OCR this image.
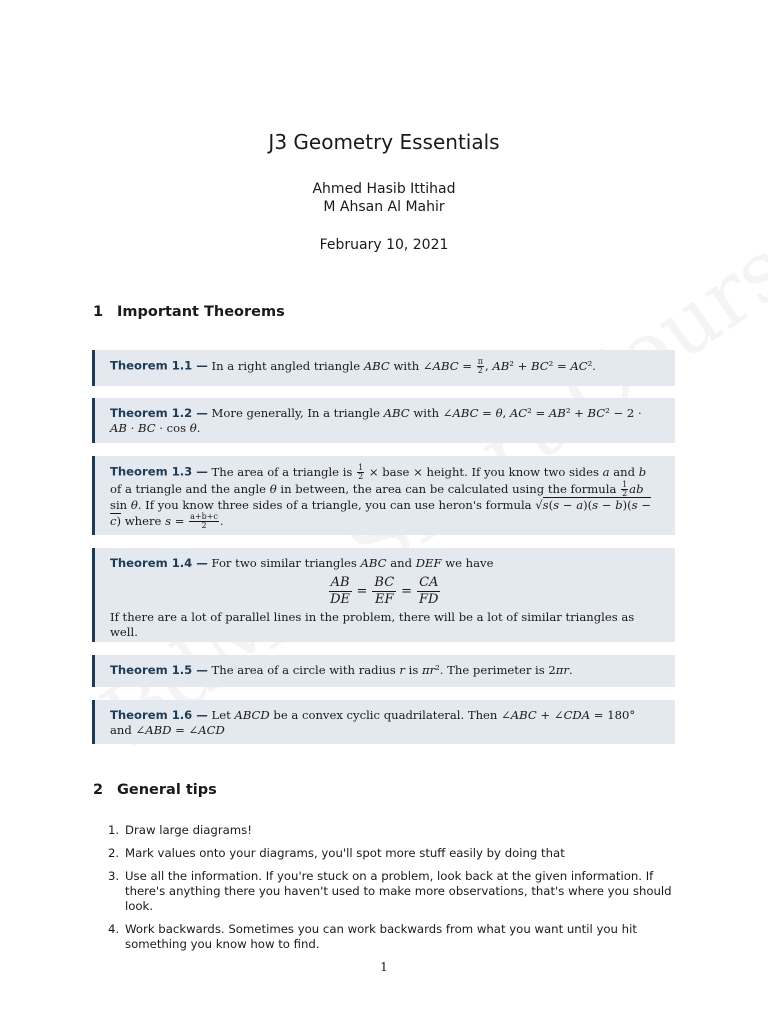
J3 Geometry Essentials
Ahmed Hasib Ittihad
M Ahsan Al Mahir
February 10, 2021
1 Important Theorems
Theorem 1.1 — In a right angled triangle ABC with ∠ABC = $\frac{\pi}{2}$ , AB² + BC² = AC².
Theorem 1.2 — More generally, In a triangle ABC with ∠ABC = θ, AC² = AB² + BC² − 2 · AB · BC · cos θ.
Theorem 1.3 — The area of a triangle is $\frac{1}{2}$ × base × height. If you know two sides a and b of a triangle and the angle θ in between, the area can be calculated using the formula $\frac{1}{2}$ ab sin θ. If you know three sides of a triangle, you can use heron's formula √s(s − a)(s − b)(s − c) where $s = \frac{a+b+c}{2}$ .
Theorem 1.4 — For two similar triangles ABC and DEF we have
$\frac{AB}{DE} = \frac{BC}{EF} = \frac{CA}{FD}$
If there are a lot of parallel lines in the problem, there will be a lot of similar triangles as well.
Theorem 1.5 — The area of a circle with radius r is πr². The perimeter is 2πr.
Theorem 1.6 — Let ABCD be a convex cyclic quadrilateral. Then ∠ABC + ∠CDA = 180° and ∠ABD = ∠ACD
2 General tips
1. Draw large diagrams!
2. Mark values onto your diagrams, you'll spot more stuff easily by doing that
3. Use all the information. If you're stuck on a problem, look back at the given information. If there's anything there you haven't used to make more observations, that's where you should look.
4. Work backwards. Sometimes you can work backwards from what you want until you hit something you know how to find.
1
